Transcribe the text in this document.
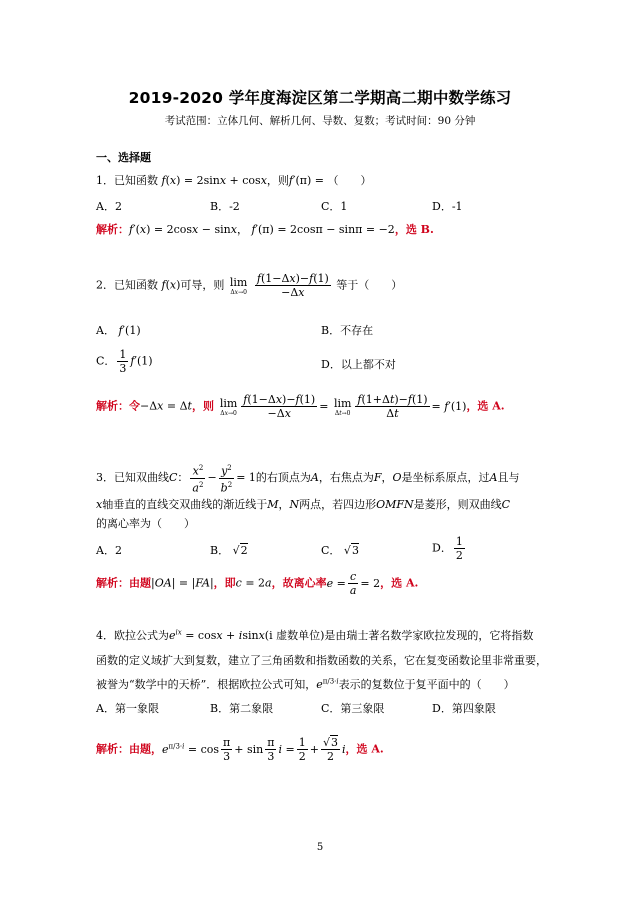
2019-2020 学年度海淀区第二学期高二期中数学练习
考试范围：立体几何、解析几何、导数、复数；考试时间：90 分钟
一、选择题
1．已知函数 f(x) = 2sinx + cosx，则f′(π) = （　　）
A．2	B．-2	C．1	D．-1
解析：f′(x) = 2cosx − sinx， f′(π) = 2cosπ − sinπ = −2，选 B.
2．已知函数 f(x)可导，则 lim
Δx→0
$\frac{f(1-\Delta x)-f(1)}{-\Delta x}$ 等于（　　）
A． f′(1)	B．不存在
C． $\frac{1}{3} f'(1)$	D．以上都不对
解析：令−Δx = Δt，则 lim
$\Delta x\to 0 \frac{f(1-\Delta x)-f(1)}{-\Delta x} = \lim$
$\Delta t\to 0 \frac{f(1+\Delta t)-f(1)}{\Delta t} = f'(1)$，选 A.
3．已知双曲线C： $\frac{x^2}{a^2} - \frac{y^2}{b^2} = 1$的右顶点为A，右焦点为F，O是坐标系原点，过A且与
x轴垂直的直线交双曲线的渐近线于M，N两点，若四边形OMFN是菱形，则双曲线C
的离心率为（　　）
A．2	B． √2	C． √3	D． $\frac{1}{2}$
解析：由题|OA| = |FA|，即c = 2a，故离心率$e = \frac{c}{a} = 2$，选 A.
4．欧拉公式为$e^{ix} = \cos x + isinx(i$ 虚数单位)是由瑞士著名数学家欧拉发现的，它将指数
函数的定义域扩大到复数，建立了三角函数和指数函数的关系，它在复变函数论里非常重要，
被誉为“数学中的天桥”．根据欧拉公式可知，$e^{\pi/3\cdot i}$表示的复数位于复平面中的（　　）
A．第一象限	B．第二象限	C．第三象限	D．第四象限
解析：由题，$e^{\pi/3\cdot i} = \cos \frac{\pi}{3} + \sin \frac{\pi}{3}$ $i = \frac{1}{2} + \frac{√3}{2}$ i，选 A.
5
